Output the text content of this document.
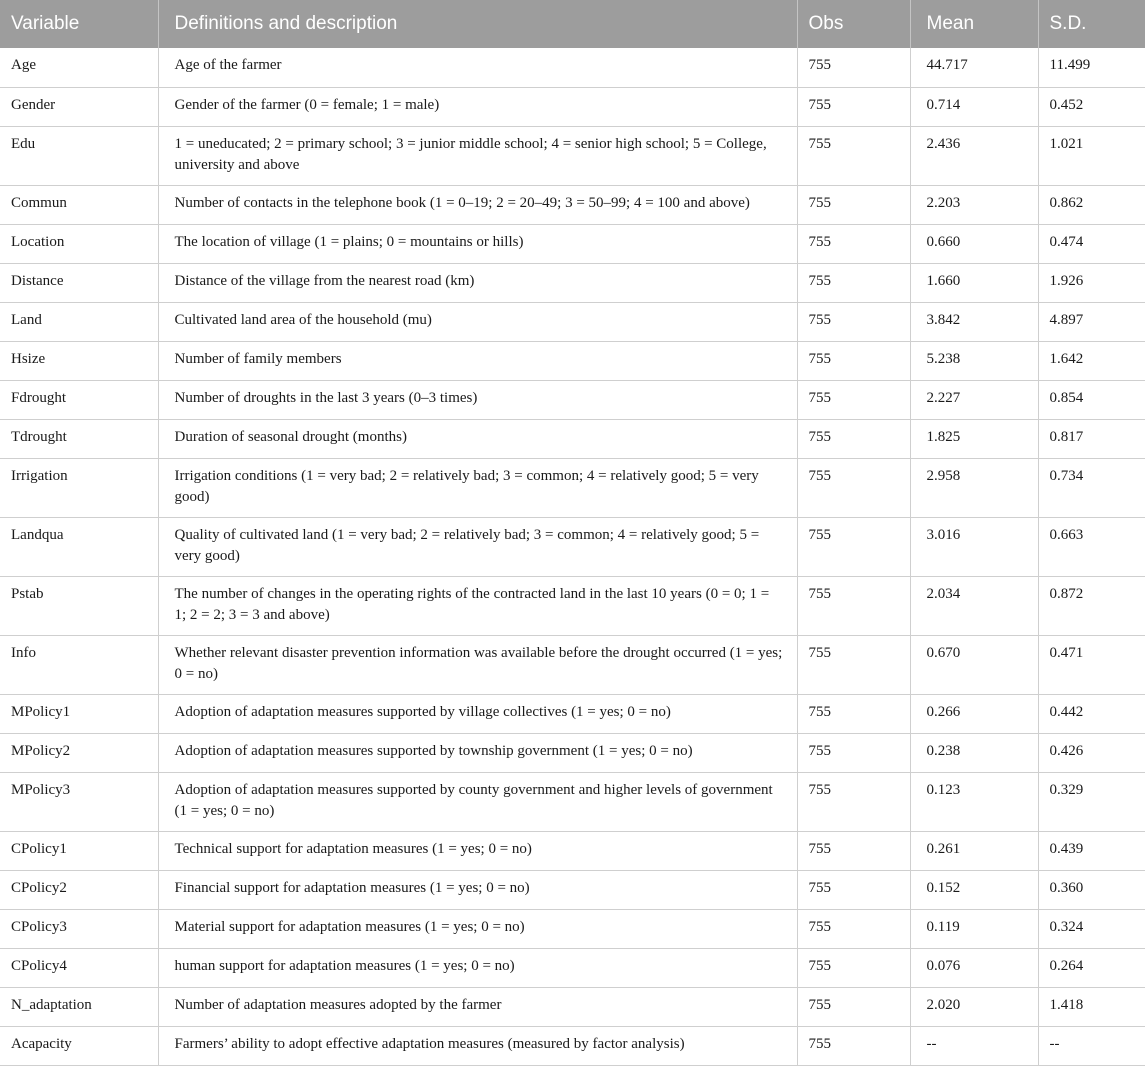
Variable	Definitions and description	Obs	Mean	S.D.
Age	Age of the farmer	755	44.717	11.499
Gender	Gender of the farmer (0 = female; 1 = male)	755	0.714	0.452
Edu	1 = uneducated; 2 = primary school; 3 = junior middle school; 4 = senior high school; 5 = College, university and above	755	2.436	1.021
Commun	Number of contacts in the telephone book (1 = 0–19; 2 = 20–49; 3 = 50–99; 4 = 100 and above)	755	2.203	0.862
Location	The location of village (1 = plains; 0 = mountains or hills)	755	0.660	0.474
Distance	Distance of the village from the nearest road (km)	755	1.660	1.926
Land	Cultivated land area of the household (mu)	755	3.842	4.897
Hsize	Number of family members	755	5.238	1.642
Fdrought	Number of droughts in the last 3 years (0–3 times)	755	2.227	0.854
Tdrought	Duration of seasonal drought (months)	755	1.825	0.817
Irrigation	Irrigation conditions (1 = very bad; 2 = relatively bad; 3 = common; 4 = relatively good; 5 = very good)	755	2.958	0.734
Landqua	Quality of cultivated land (1 = very bad; 2 = relatively bad; 3 = common; 4 = relatively good; 5 = very good)	755	3.016	0.663
Pstab	The number of changes in the operating rights of the contracted land in the last 10 years (0 = 0; 1 = 1; 2 = 2; 3 = 3 and above)	755	2.034	0.872
Info	Whether relevant disaster prevention information was available before the drought occurred (1 = yes; 0 = no)	755	0.670	0.471
MPolicy1	Adoption of adaptation measures supported by village collectives (1 = yes; 0 = no)	755	0.266	0.442
MPolicy2	Adoption of adaptation measures supported by township government (1 = yes; 0 = no)	755	0.238	0.426
MPolicy3	Adoption of adaptation measures supported by county government and higher levels of government (1 = yes; 0 = no)	755	0.123	0.329
CPolicy1	Technical support for adaptation measures (1 = yes; 0 = no)	755	0.261	0.439
CPolicy2	Financial support for adaptation measures (1 = yes; 0 = no)	755	0.152	0.360
CPolicy3	Material support for adaptation measures (1 = yes; 0 = no)	755	0.119	0.324
CPolicy4	human support for adaptation measures (1 = yes; 0 = no)	755	0.076	0.264
N_adaptation	Number of adaptation measures adopted by the farmer	755	2.020	1.418
Acapacity	Farmers’ ability to adopt effective adaptation measures (measured by factor analysis)	755	--	--
